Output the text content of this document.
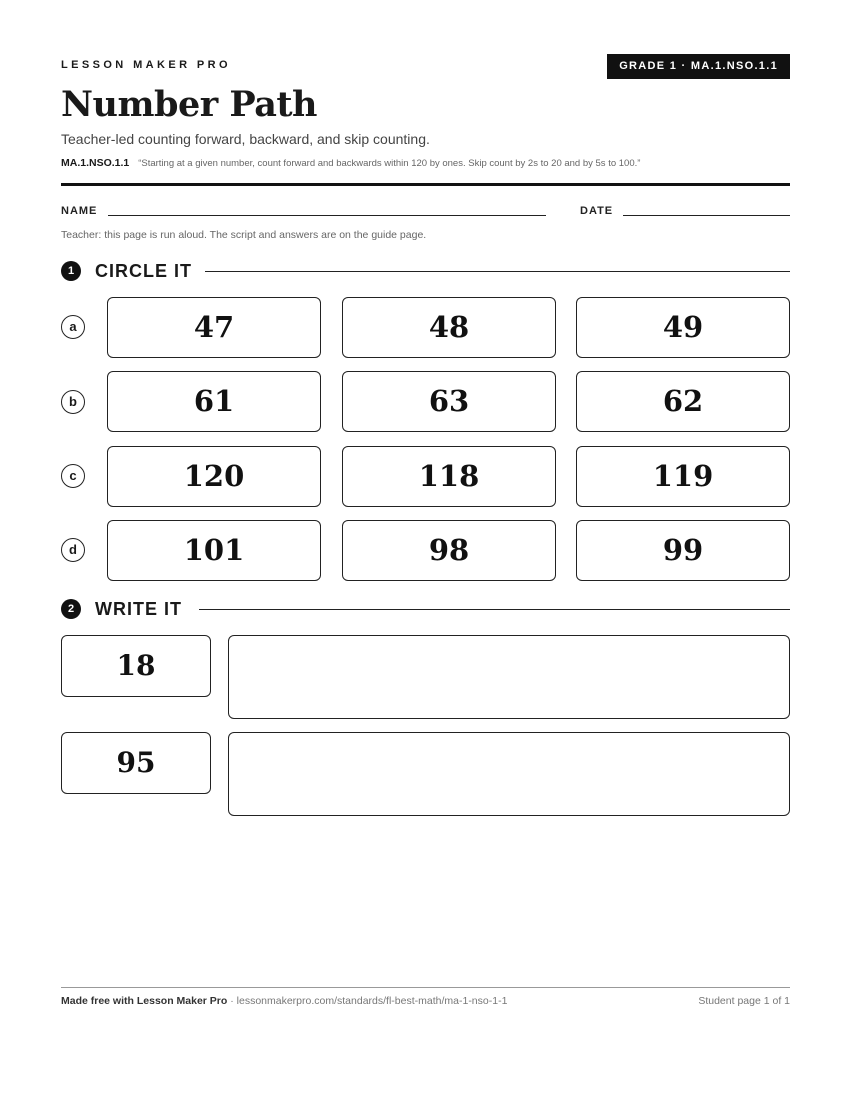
LESSON MAKER PRO	GRADE 1 · MA.1.NSO.1.1
Number Path
Teacher-led counting forward, backward, and skip counting.
MA.1.NSO.1.1 “Starting at a given number, count forward and backwards within 120 by ones. Skip count by 2s to 20 and by 5s to 100.”
NAME	DATE
Teacher: this page is run aloud. The script and answers are on the guide page.
1	CIRCLE IT
a	47	48	49
b	61	63	62
c	120	118	119
d	101	98	99
2	WRITE IT
18
95
Made free with Lesson Maker Pro · lessonmakerpro.com/standards/fl-best-math/ma-1-nso-1-1	Student page 1 of 1
